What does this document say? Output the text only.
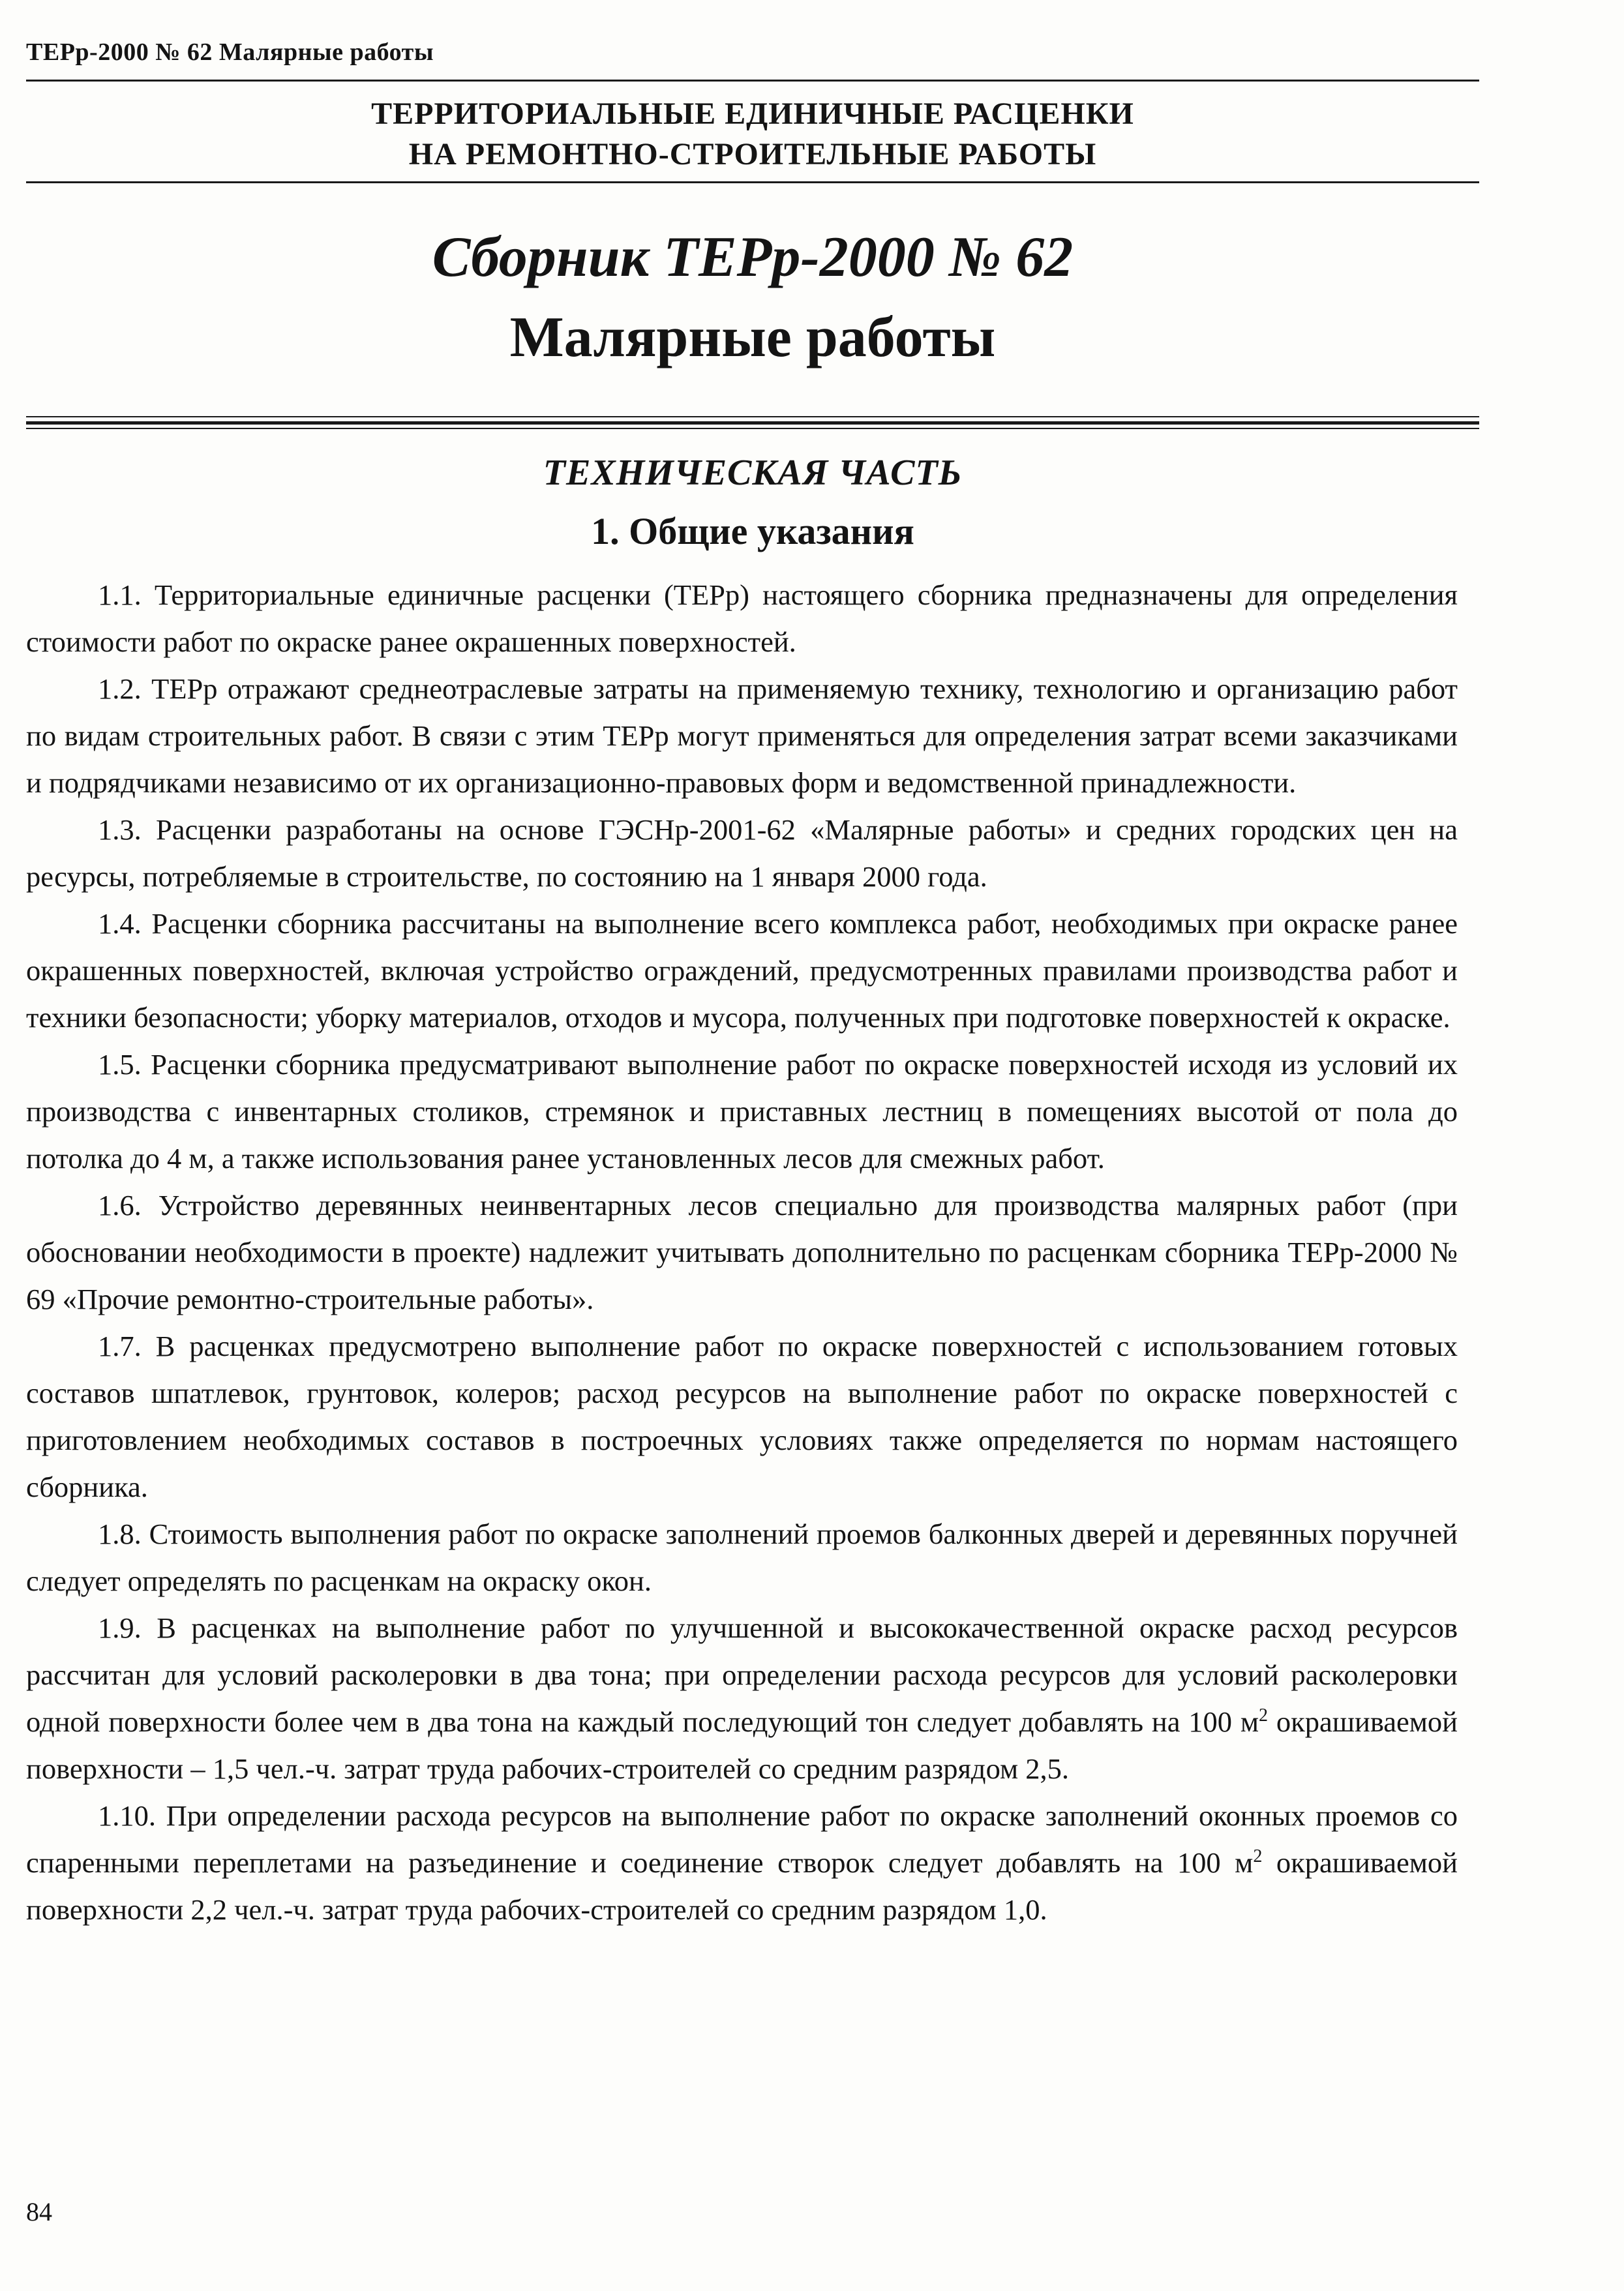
ТЕРр-2000 № 62 Малярные работы
ТЕРРИТОРИАЛЬНЫЕ ЕДИНИЧНЫЕ РАСЦЕНКИ
НА РЕМОНТНО-СТРОИТЕЛЬНЫЕ РАБОТЫ
Сборник ТЕРр-2000 № 62
Малярные работы
ТЕХНИЧЕСКАЯ ЧАСТЬ
1. Общие указания

1.1. Территориальные единичные расценки (ТЕРр) настоящего сборника предназначены для определения стоимости работ по окраске ранее окрашенных поверхностей.

1.2. ТЕРр отражают среднеотраслевые затраты на применяемую технику, технологию и организацию работ по видам строительных работ. В связи с этим ТЕРр могут применяться для определения затрат всеми заказчиками и подрядчиками независимо от их организационно-правовых форм и ведомственной принадлежности.

1.3. Расценки разработаны на основе ГЭСНр-2001-62 «Малярные работы» и средних городских цен на ресурсы, потребляемые в строительстве, по состоянию на 1 января 2000 года.

1.4. Расценки сборника рассчитаны на выполнение всего комплекса работ, необходимых при окраске ранее окрашенных поверхностей, включая устройство ограждений, предусмотренных правилами производства работ и техники безопасности; уборку материалов, отходов и мусора, полученных при подготовке поверхностей к окраске.

1.5. Расценки сборника предусматривают выполнение работ по окраске поверхностей исходя из условий их производства с инвентарных столиков, стремянок и приставных лестниц в помещениях высотой от пола до потолка до 4 м, а также использования ранее установленных лесов для смежных работ.

1.6. Устройство деревянных неинвентарных лесов специально для производства малярных работ (при обосновании необходимости в проекте) надлежит учитывать дополнительно по расценкам сборника ТЕРр-2000 № 69 «Прочие ремонтно-строительные работы».

1.7. В расценках предусмотрено выполнение работ по окраске поверхностей с использованием готовых составов шпатлевок, грунтовок, колеров; расход ресурсов на выполнение работ по окраске поверхностей с приготовлением необходимых составов в построечных условиях также определяется по нормам настоящего сборника.

1.8. Стоимость выполнения работ по окраске заполнений проемов балконных дверей и деревянных поручней следует определять по расценкам на окраску окон.

1.9. В расценках на выполнение работ по улучшенной и высококачественной окраске расход ресурсов рассчитан для условий расколеровки в два тона; при определении расхода ресурсов для условий расколеровки одной поверхности более чем в два тона на каждый последующий тон следует добавлять на 100 $м^2$ окрашиваемой поверхности – 1,5 чел.-ч. затрат труда рабочих-строителей со средним разрядом 2,5.

1.10. При определении расхода ресурсов на выполнение работ по окраске заполнений оконных проемов со спаренными переплетами на разъединение и соединение створок следует добавлять на 100 $м^2$ окрашиваемой поверхности 2,2 чел.-ч. затрат труда рабочих-строителей со средним разрядом 1,0.

84
